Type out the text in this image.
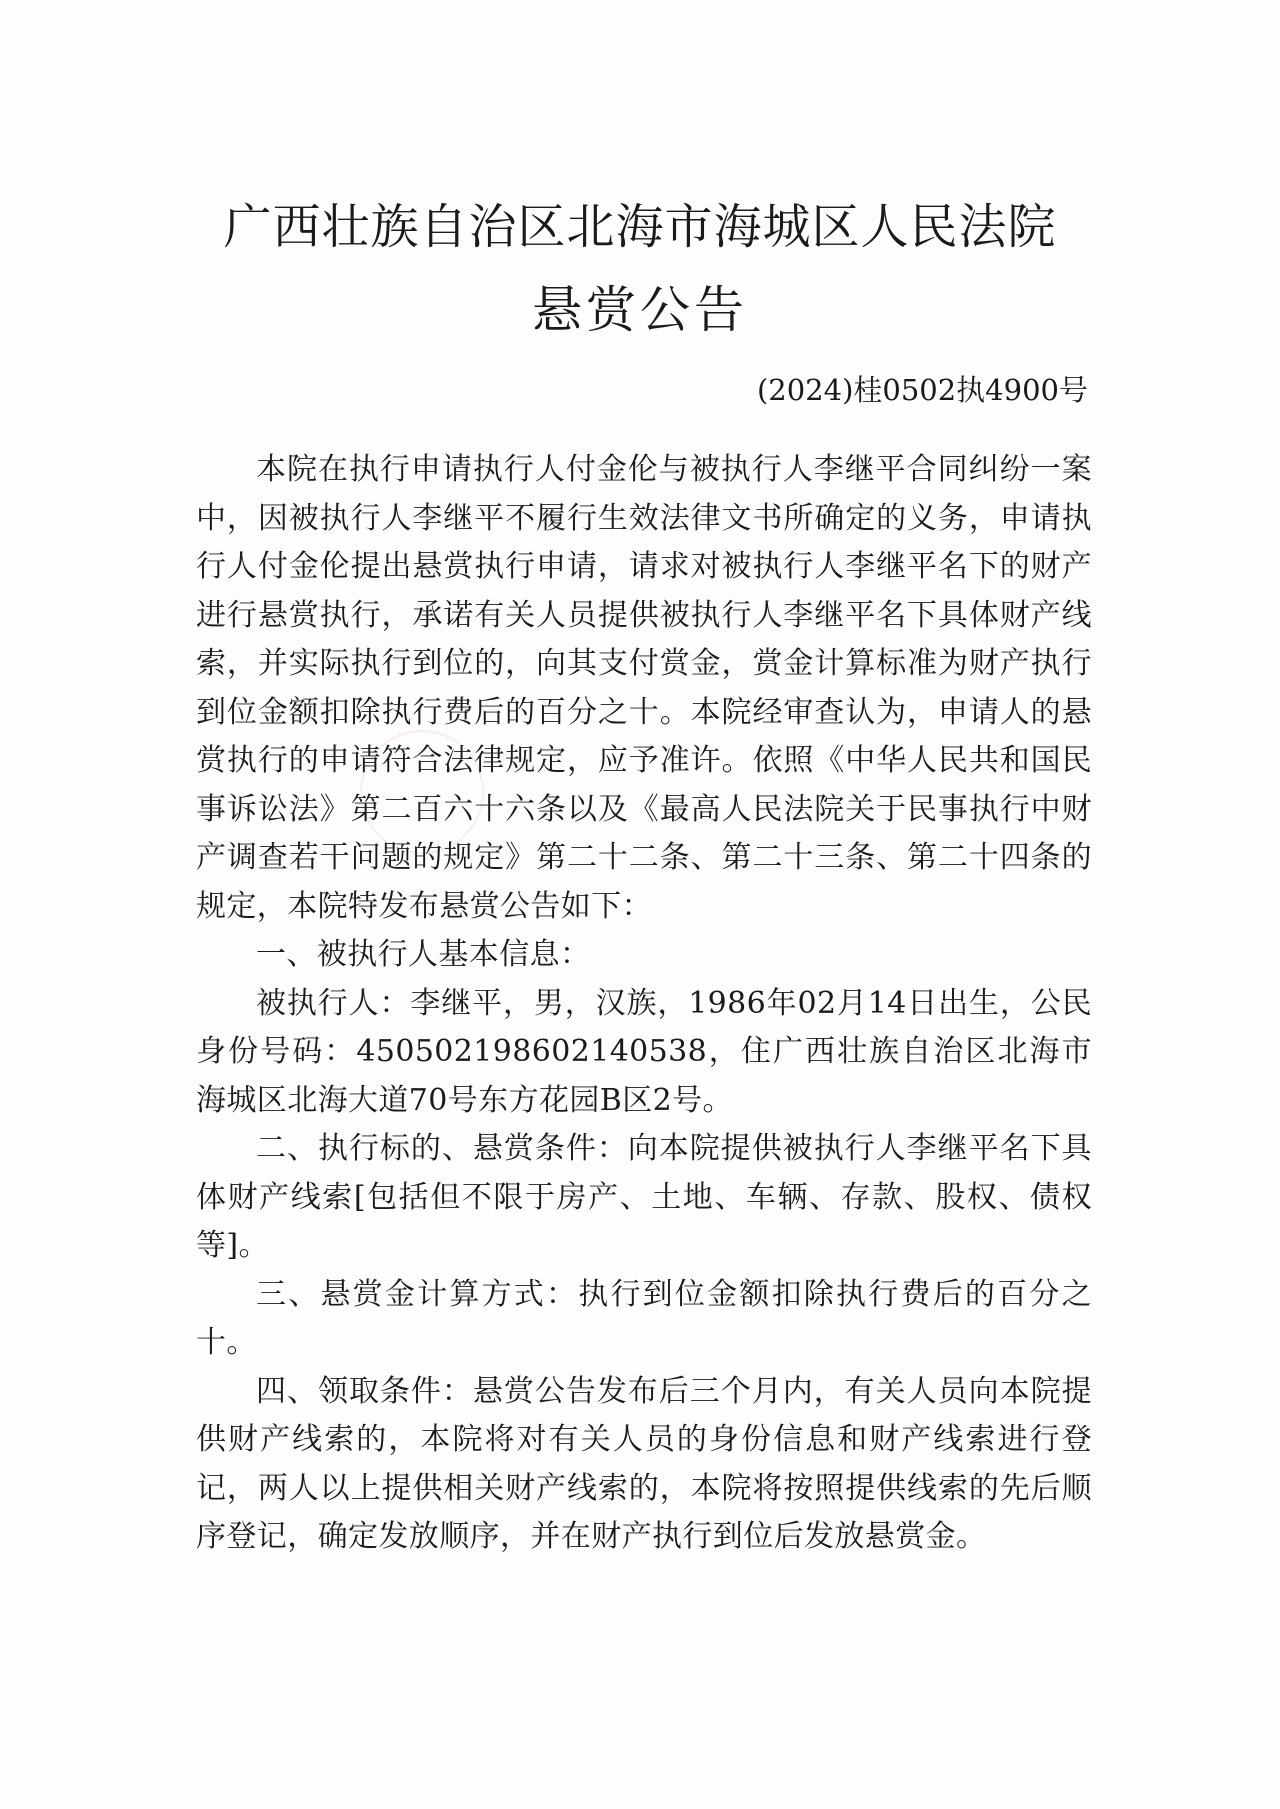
广西壮族自治区北海市海城区人民法院
悬赏公告
(2024)桂0502执4900号

本院在执行申请执行人付金伦与被执行人李继平合同纠纷一案中，因被执行人李继平不履行生效法律文书所确定的义务，申请执行人付金伦提出悬赏执行申请，请求对被执行人李继平名下的财产进行悬赏执行，承诺有关人员提供被执行人李继平名下具体财产线索，并实际执行到位的，向其支付赏金，赏金计算标准为财产执行到位金额扣除执行费后的百分之十。本院经审查认为，申请人的悬赏执行的申请符合法律规定，应予准许。依照《中华人民共和国民事诉讼法》第二百六十六条以及《最高人民法院关于民事执行中财产调查若干问题的规定》第二十二条、第二十三条、第二十四条的规定，本院特发布悬赏公告如下：

一、被执行人基本信息：

被执行人：李继平，男，汉族，1986年02月14日出生，公民身份号码：450502198602140538，住广西壮族自治区北海市海城区北海大道70号东方花园B区2号。

二、执行标的、悬赏条件：向本院提供被执行人李继平名下具体财产线索[包括但不限于房产、土地、车辆、存款、股权、债权等]。

三、悬赏金计算方式：执行到位金额扣除执行费后的百分之十。

四、领取条件：悬赏公告发布后三个月内，有关人员向本院提供财产线索的，本院将对有关人员的身份信息和财产线索进行登记，两人以上提供相关财产线索的，本院将按照提供线索的先后顺序登记，确定发放顺序，并在财产执行到位后发放悬赏金。
